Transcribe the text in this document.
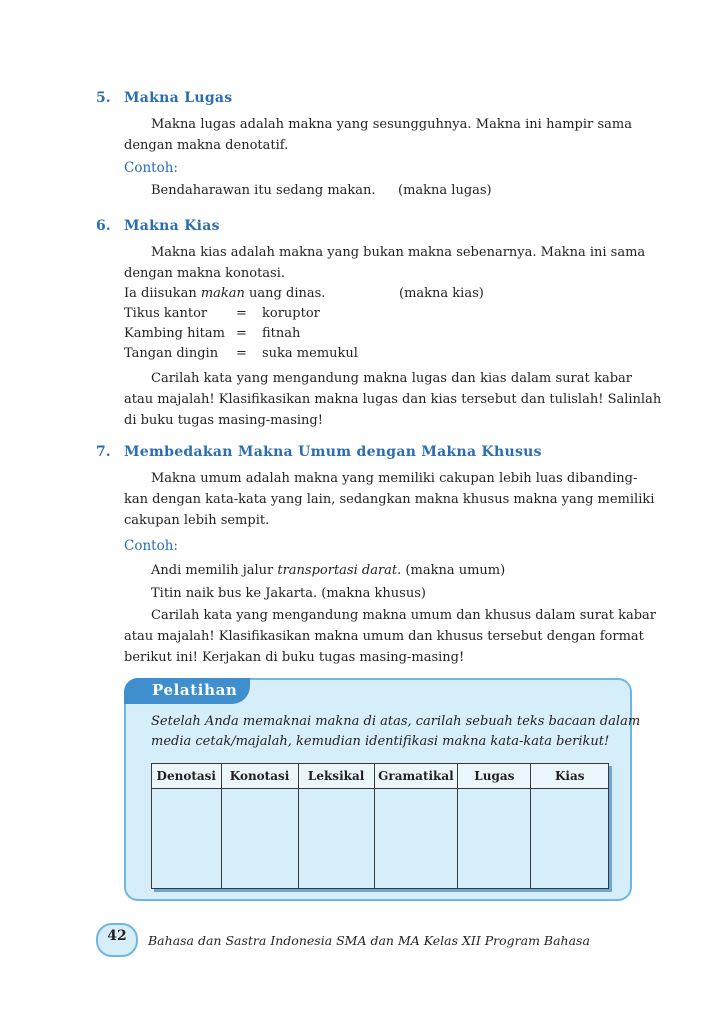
5. Makna Lugas
Makna lugas adalah makna yang sesungguhnya. Makna ini hampir sama
dengan makna denotatif.
Contoh:
Bendaharawan itu sedang makan. (makna lugas)
6. Makna Kias
Makna kias adalah makna yang bukan makna sebenarnya. Makna ini sama
dengan makna konotasi.
Ia diisukan makan uang dinas.	(makna kias)
Tikus kantor = koruptor
Kambing hitam = fitnah
Tangan dingin = suka memukul
Carilah kata yang mengandung makna lugas dan kias dalam surat kabar
atau majalah! Klasifikasikan makna lugas dan kias tersebut dan tulislah! Salinlah
di buku tugas masing-masing!
7. Membedakan Makna Umum dengan Makna Khusus
Makna umum adalah makna yang memiliki cakupan lebih luas dibanding-
kan dengan kata-kata yang lain, sedangkan makna khusus makna yang memiliki
cakupan lebih sempit.
Contoh:
Andi memilih jalur transportasi darat. (makna umum)
Titin naik bus ke Jakarta. (makna khusus)
Carilah kata yang mengandung makna umum dan khusus dalam surat kabar
atau majalah! Klasifikasikan makna umum dan khusus tersebut dengan format
berikut ini! Kerjakan di buku tugas masing-masing!
Pelatihan
Setelah Anda memaknai makna di atas, carilah sebuah teks bacaan dalam
media cetak/majalah, kemudian identifikasi makna kata-kata berikut!
Denotasi	Konotasi	Leksikal	Gramatikal	Lugas	Kias

42	Bahasa dan Sastra Indonesia SMA dan MA Kelas XII Program Bahasa
